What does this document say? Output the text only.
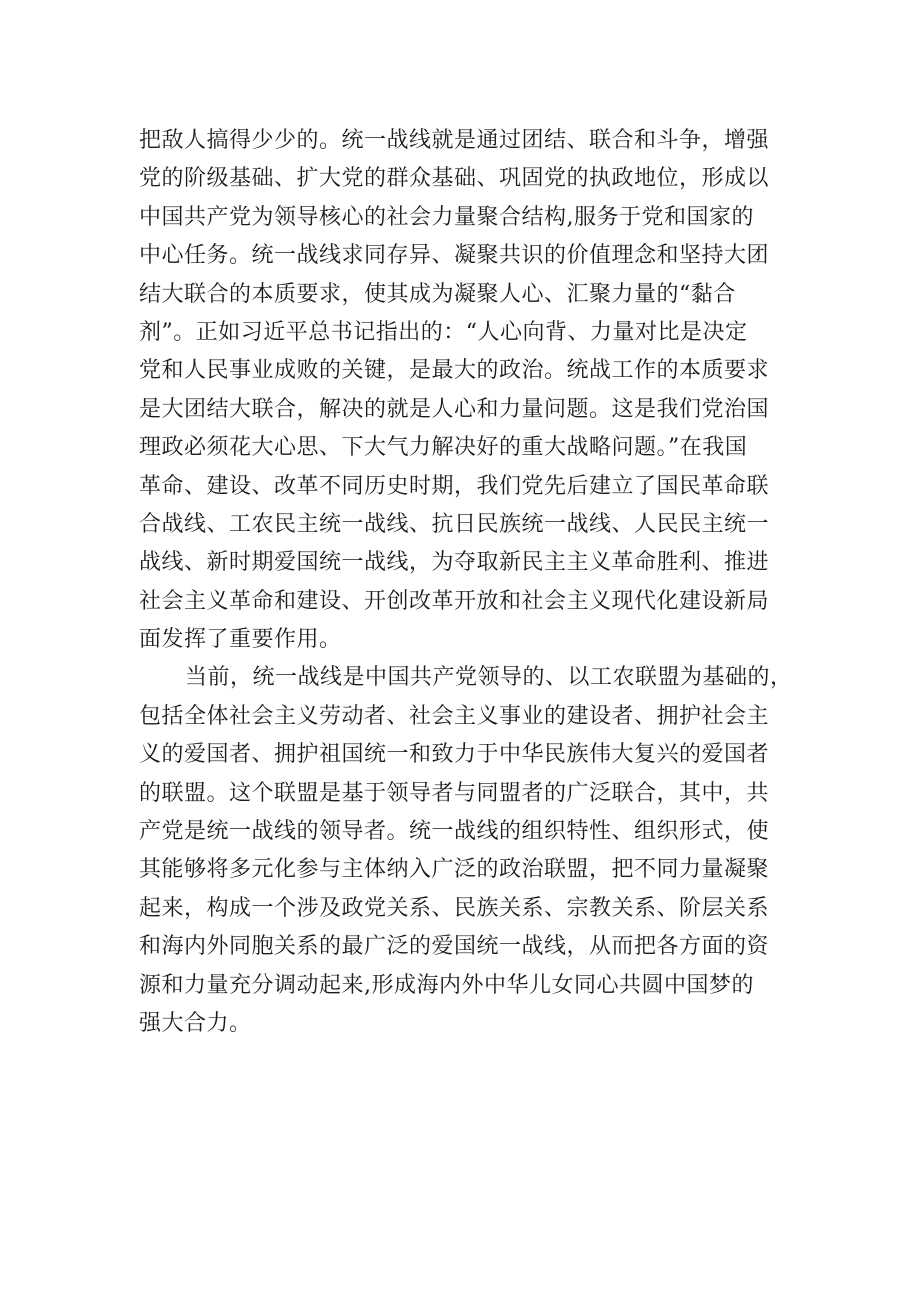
把敌人搞得少少的。统一战线就是通过团结、联合和斗争，增强
党的阶级基础、扩大党的群众基础、巩固党的执政地位，形成以
中国共产党为领导核心的社会力量聚合结构,服务于党和国家的
中心任务。统一战线求同存异、凝聚共识的价值理念和坚持大团
结大联合的本质要求，使其成为凝聚人心、汇聚力量的“黏合
剂”。正如习近平总书记指出的：“人心向背、力量对比是决定
党和人民事业成败的关键，是最大的政治。统战工作的本质要求
是大团结大联合，解决的就是人心和力量问题。这是我们党治国
理政必须花大心思、下大气力解决好的重大战略问题。”在我国
革命、建设、改革不同历史时期，我们党先后建立了国民革命联
合战线、工农民主统一战线、抗日民族统一战线、人民民主统一
战线、新时期爱国统一战线，为夺取新民主主义革命胜利、推进
社会主义革命和建设、开创改革开放和社会主义现代化建设新局
面发挥了重要作用。
当前，统一战线是中国共产党领导的、以工农联盟为基础的，
包括全体社会主义劳动者、社会主义事业的建设者、拥护社会主
义的爱国者、拥护祖国统一和致力于中华民族伟大复兴的爱国者
的联盟。这个联盟是基于领导者与同盟者的广泛联合，其中，共
产党是统一战线的领导者。统一战线的组织特性、组织形式，使
其能够将多元化参与主体纳入广泛的政治联盟，把不同力量凝聚
起来，构成一个涉及政党关系、民族关系、宗教关系、阶层关系
和海内外同胞关系的最广泛的爱国统一战线，从而把各方面的资
源和力量充分调动起来,形成海内外中华儿女同心共圆中国梦的
强大合力。
